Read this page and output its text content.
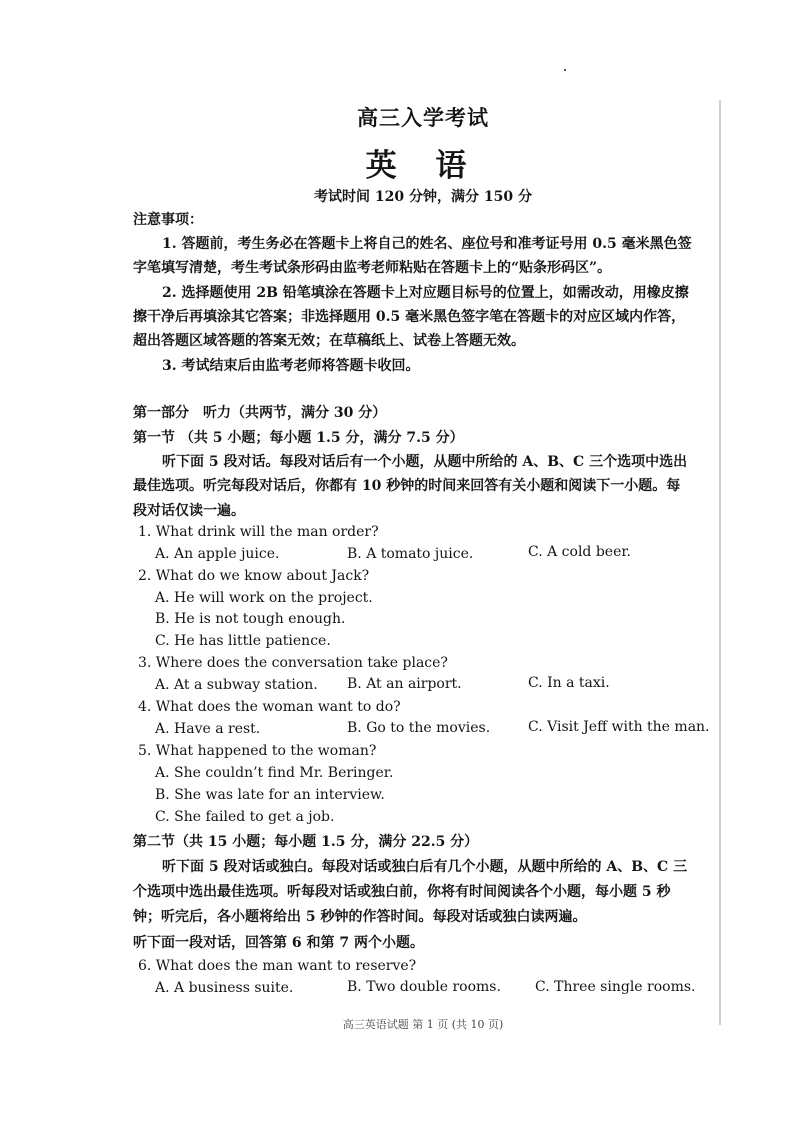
高三入学考试
英 语
考试时间 120 分钟，满分 150 分
注意事项：
1. 答题前，考生务必在答题卡上将自己的姓名、座位号和准考证号用 0.5 毫米黑色签
字笔填写清楚，考生考试条形码由监考老师粘贴在答题卡上的“贴条形码区”。
2. 选择题使用 2B 铅笔填涂在答题卡上对应题目标号的位置上，如需改动，用橡皮擦
擦干净后再填涂其它答案；非选择题用 0.5 毫米黑色签字笔在答题卡的对应区域内作答，
超出答题区域答题的答案无效；在草稿纸上、试卷上答题无效。
3. 考试结束后由监考老师将答题卡收回。
第一部分　听力（共两节，满分 30 分）
第一节 （共 5 小题；每小题 1.5 分，满分 7.5 分）
听下面 5 段对话。每段对话后有一个小题，从题中所给的 A、B、C 三个选项中选出
最佳选项。听完每段对话后，你都有 10 秒钟的时间来回答有关小题和阅读下一小题。每
段对话仅读一遍。
1. What drink will the man order?
A. An apple juice.	B. A tomato juice.	C. A cold beer.
2. What do we know about Jack?
A. He will work on the project.
B. He is not tough enough.
C. He has little patience.
3. Where does the conversation take place?
A. At a subway station. B. At an airport.	C. In a taxi.
4. What does the woman want to do?
A. Have a rest.	B. Go to the movies.	C. Visit Jeff with the man.
5. What happened to the woman?
A. She couldn’t find Mr. Beringer.
B. She was late for an interview.
C. She failed to get a job.
第二节（共 15 小题；每小题 1.5 分，满分 22.5 分）
听下面 5 段对话或独白。每段对话或独白后有几个小题，从题中所给的 A、B、C 三
个选项中选出最佳选项。听每段对话或独白前，你将有时间阅读各个小题，每小题 5 秒
钟；听完后，各小题将给出 5 秒钟的作答时间。每段对话或独白读两遍。
听下面一段对话，回答第 6 和第 7 两个小题。
6. What does the man want to reserve?
A. A business suite.	B. Two double rooms. C. Three single rooms.
高三英语试题 第 1 页 (共 10 页)
